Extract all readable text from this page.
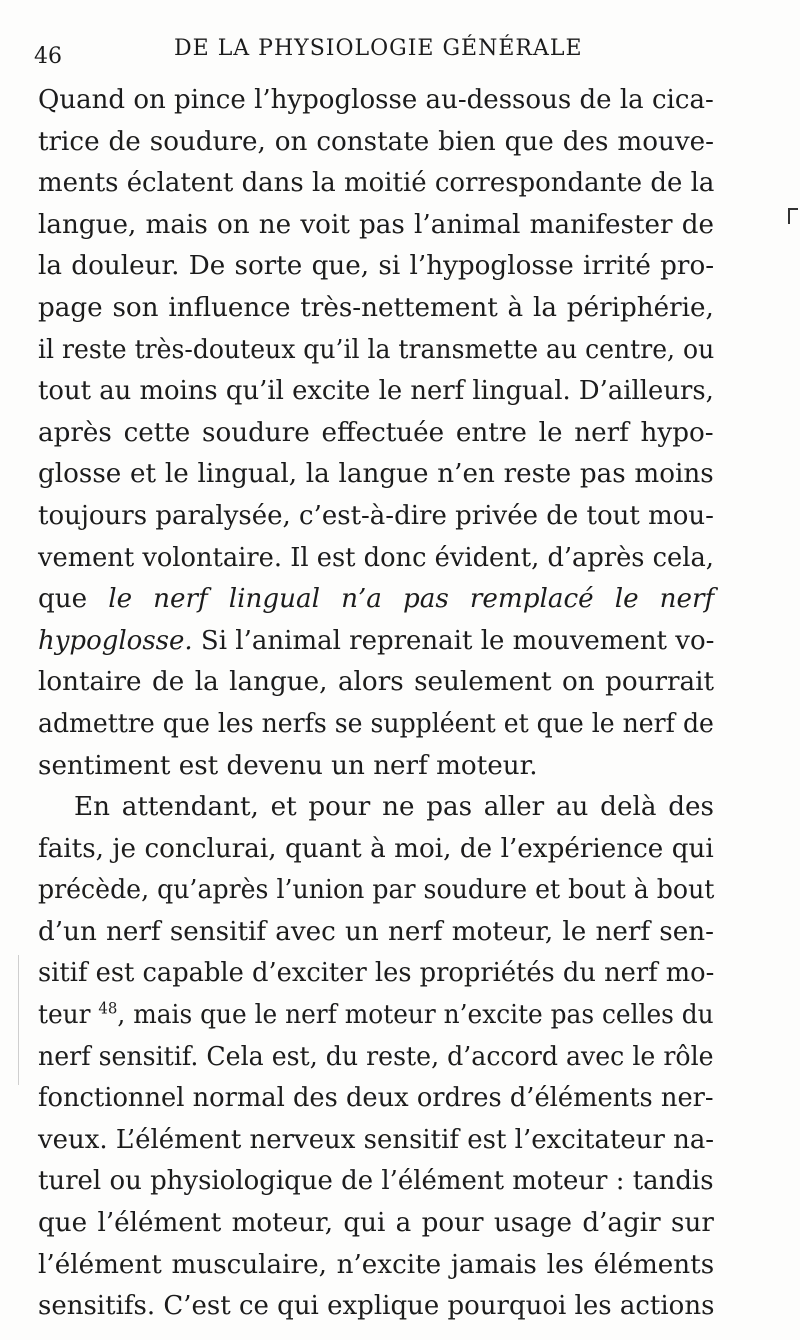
46	DE LA PHYSIOLOGIE GÉNÉRALE
Quand on pince l’hypoglosse au-dessous de la cica-
trice de soudure, on constate bien que des mouve-
ments éclatent dans la moitié correspondante de la
langue, mais on ne voit pas l’animal manifester de
la douleur. De sorte que, si l’hypoglosse irrité pro-
page son influence très-nettement à la périphérie,
il reste très-douteux qu’il la transmette au centre, ou
tout au moins qu’il excite le nerf lingual. D’ailleurs,
après cette soudure effectuée entre le nerf hypo-
glosse et le lingual, la langue n’en reste pas moins
toujours paralysée, c’est-à-dire privée de tout mou-
vement volontaire. Il est donc évident, d’après cela,
que le nerf lingual n’a pas remplacé le nerf
hypoglosse. Si l’animal reprenait le mouvement vo-
lontaire de la langue, alors seulement on pourrait
admettre que les nerfs se suppléent et que le nerf de
sentiment est devenu un nerf moteur.
En attendant, et pour ne pas aller au delà des
faits, je conclurai, quant à moi, de l’expérience qui
précède, qu’après l’union par soudure et bout à bout
d’un nerf sensitif avec un nerf moteur, le nerf sen-
sitif est capable d’exciter les propriétés du nerf mo-
teur $^{48}$, mais que le nerf moteur n’excite pas celles du
nerf sensitif. Cela est, du reste, d’accord avec le rôle
fonctionnel normal des deux ordres d’éléments ner-
veux. L’élément nerveux sensitif est l’excitateur na-
turel ou physiologique de l’élément moteur : tandis
que l’élément moteur, qui a pour usage d’agir sur
l’élément musculaire, n’excite jamais les éléments
sensitifs. C’est ce qui explique pourquoi les actions
